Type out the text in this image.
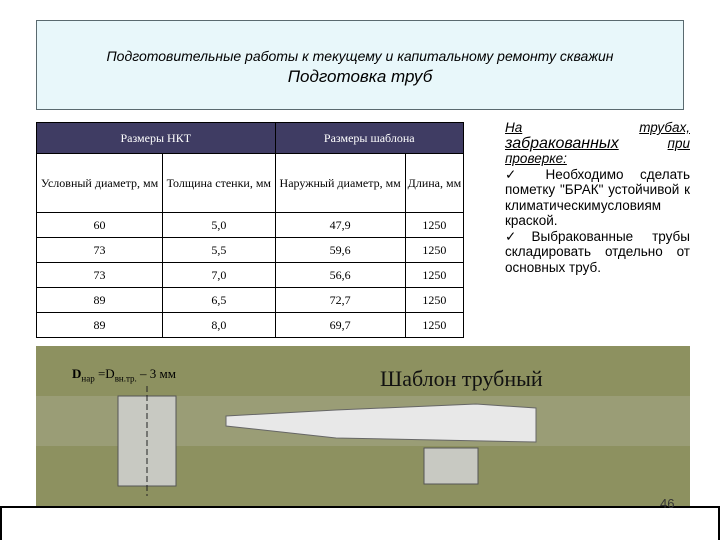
Подготовительные работы к текущему и капитальному ремонту скважин
Подготовка труб
Размеры НКТ		Размеры шаблона	
Условный диаметр, мм	Толщина стенки, мм	Наружный диаметр, мм	Длина, мм
60	5,0	47,9	1250
73	5,5	59,6	1250
73	7,0	56,6	1250
89	6,5	72,7	1250
89	8,0	69,7	1250
На	трубах,
забракованных	при
проверке:
✓ Необходимо сделать пометку "БРАК" устойчивой к климатическимусловиям краской.
✓Выбракованные трубы складировать отдельно от основных труб.
$D_{нар} =D_{вн.тр.} - 3$ мм	Шаблон трубный
46
